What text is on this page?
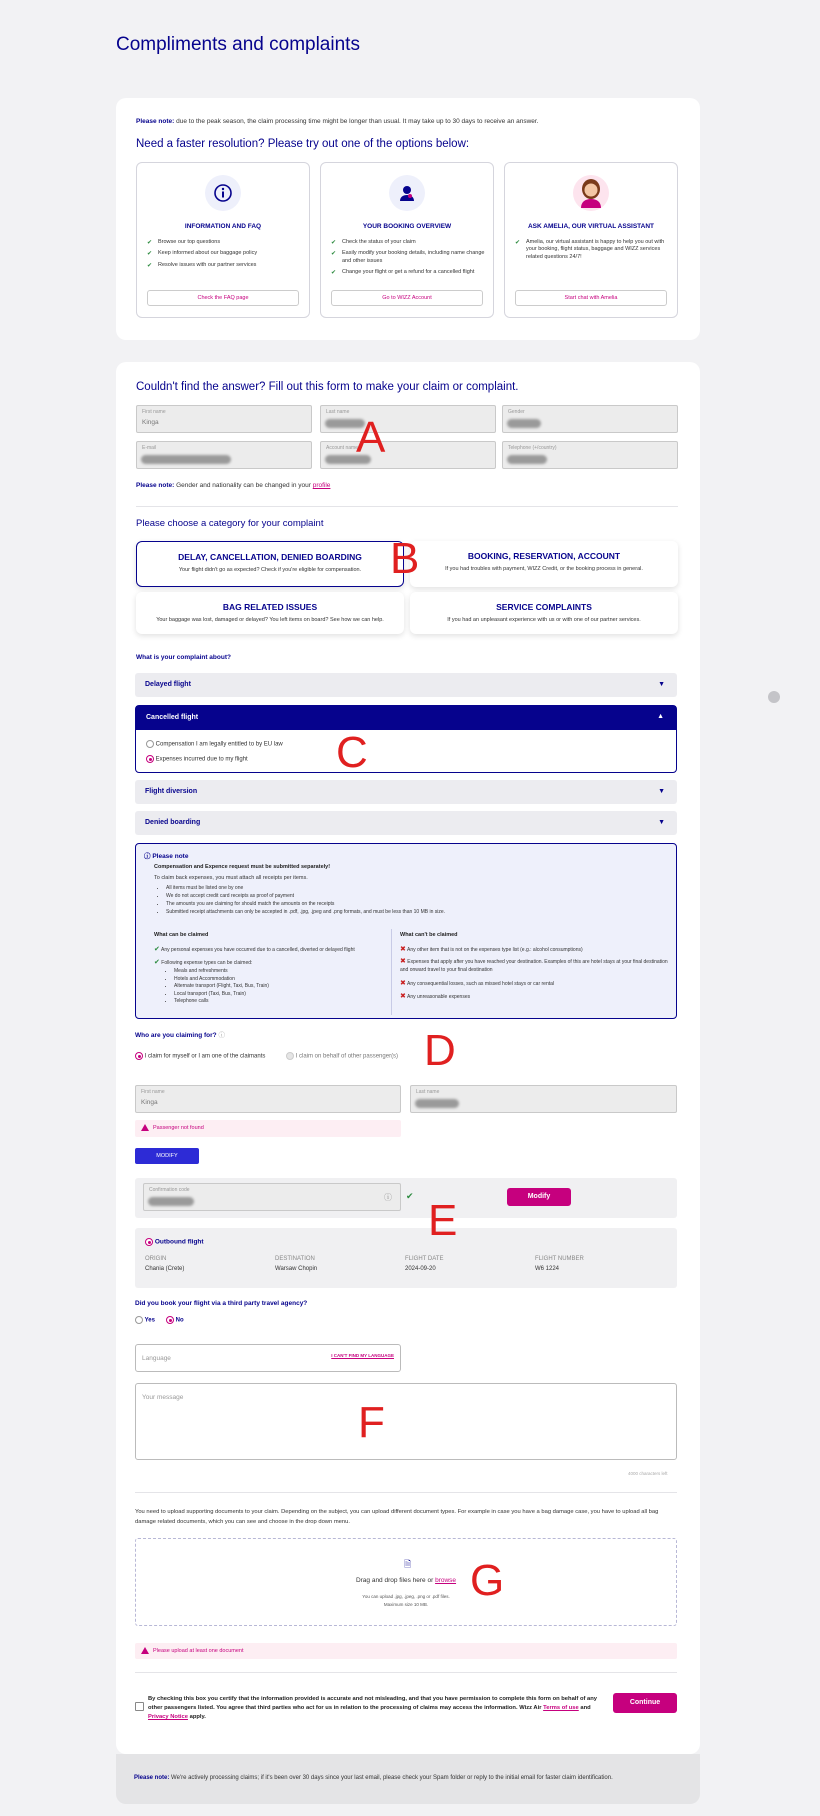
Compliments and complaints
Please note: due to the peak season, the claim processing time might be longer than usual. It may take up to 30 days to receive an answer.
Need a faster resolution? Please try out one of the options below:
INFORMATION AND FAQ
✔ Browse our top questions
✔ Keep informed about our baggage policy
✔ Resolve issues with our partner services
Check the FAQ page
YOUR BOOKING OVERVIEW
✔ Check the status of your claim
✔ Easily modify your booking details, including name change and other issues
✔ Change your flight or get a refund for a cancelled flight
Go to WIZZ Account
ASK AMELIA, OUR VIRTUAL ASSISTANT
✔ Amelia, our virtual assistant is happy to help you out with your booking, flight status, baggage and WIZZ services related questions 24/7!
Start chat with Amelia
Couldn't find the answer? Fill out this form to make your claim or complaint.
First name
Kinga
Last name	Gender
E-mail	Account name	Telephone (+/country)
Please note: Gender and nationality can be changed in your profile
Please choose a category for your complaint
DELAY, CANCELLATION, DENIED BOARDING
Your flight didn't go as expected? Check if you're eligible for compensation.
BOOKING, RESERVATION, ACCOUNT
If you had troubles with payment, WIZZ Credit, or the booking process in general.
BAG RELATED ISSUES
Your baggage was lost, damaged or delayed? You left items on board? See how we can help.
SERVICE COMPLAINTS
If you had an unpleasant experience with us or with one of our partner services.
What is your complaint about?
Delayed flight	▼
Cancelled flight	▲
Compensation I am legally entitled to by EU law
Expenses incurred due to my flight
Flight diversion	▼
Denied boarding	▼
ⓘ Please note
Compensation and Expence request must be submitted separately!
To claim back expenses, you must attach all receipts per items.
• All items must be listed one by one
• We do not accept credit card receipts as proof of payment
• The amounts you are claiming for should match the amounts on the receipts
• Submitted receipt attachments can only be accepted in .pdf, .jpg, .jpeg and .png formats, and must be less than 10 MB in size.
What can be claimed
✔ Any personal expenses you have occurred due to a cancelled, diverted or delayed flight
✔ Following expense types can be claimed:
• Meals and refreshments
• Hotels and Accommodation
• Alternate transport (Flight, Taxi, Bus, Train)
• Local transport (Taxi, Bus, Train)
• Telephone calls
What can't be claimed
✖ Any other item that is not on the expenses type list (e.g.: alcohol consumptions)
✖ Expenses that apply after you have reached your destination. Examples of this are hotel stays at your final destination and onward travel to your final destination
✖ Any consequential losses, such as missed hotel stays or car rental
✖ Any unreasonable expenses
Who are you claiming for? ⓘ
I claim for myself or I am one of the claimants	I claim on behalf of other passenger(s)
First name
Kinga
Last name
Passenger not found
MODIFY
Confirmation code
ⓘ ✔	Modify
Outbound flight
ORIGIN
Chania (Crete)
DESTINATION
Warsaw Chopin
FLIGHT DATE
2024-09-20
FLIGHT NUMBER
W6 1224
Did you book your flight via a third party travel agency?
Yes	No
Language	I CAN'T FIND MY LANGUAGE
Your message
4000 characters left
You need to upload supporting documents to your claim. Depending on the subject, you can upload different document types. For example in case you have a bag damage case, you have to upload all bag damage related documents, which you can see and choose in the drop down menu.
🗎
Drag and drop files here or browse
You can upload .jpg, .jpeg, .png or .pdf files.
Maximum size 10 MB.
Please upload at least one document
By checking this box you certify that the information provided is accurate and not misleading, and that you have permission to complete this form on behalf of any other passengers listed. You agree that third parties who act for us in relation to the processing of claims may access the information. Wizz Air Terms of use and Privacy Notice apply.
Continue
Please note: We're actively processing claims; if it's been over 30 days since your last email, please check your Spam folder or reply to the initial email for faster claim identification.
A
B
C
D
E
F
G
